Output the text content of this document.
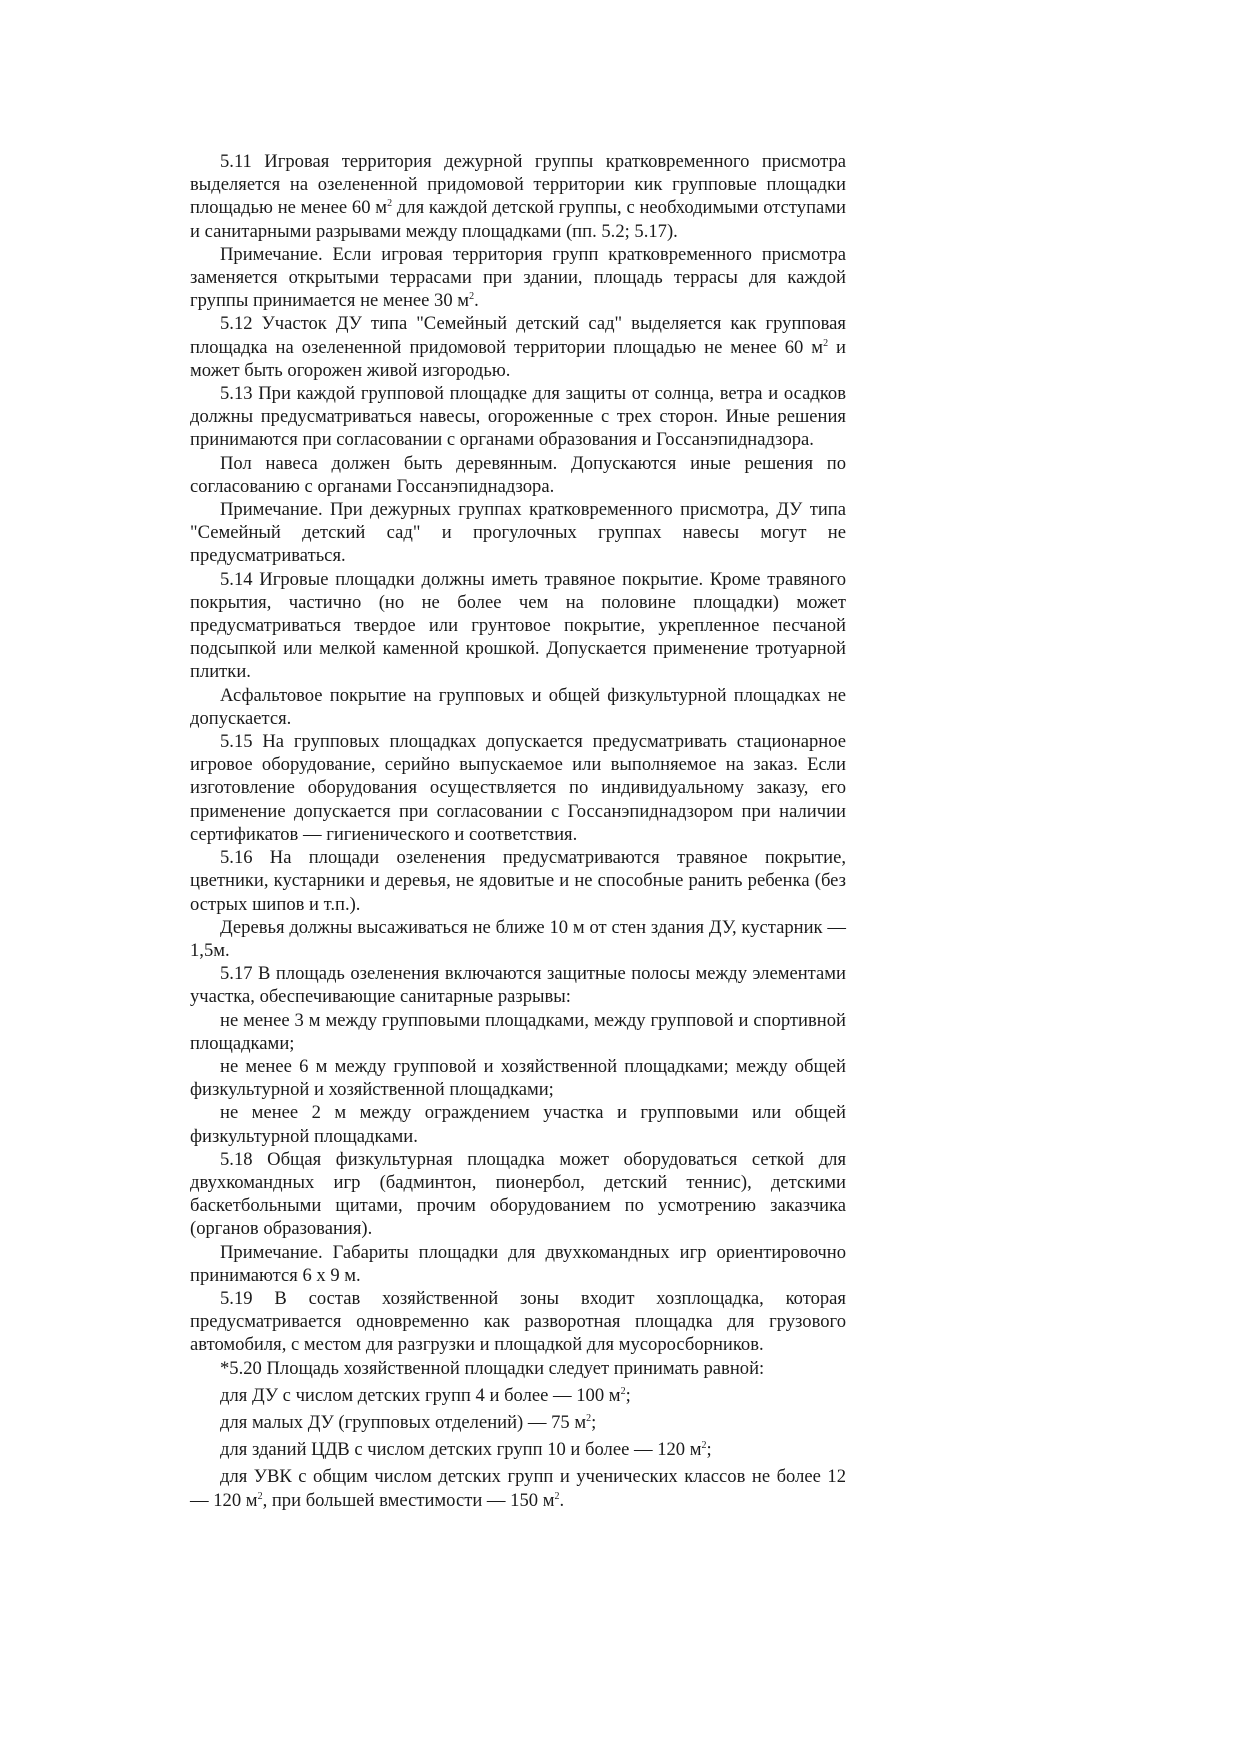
5.11 Игровая территория дежурной группы кратковременного присмотра выделяется на озелененной придомовой территории кик групповые площадки площадью не менее 60 $м^2$ для каждой детской группы, с необходимыми отступами и санитарными разрывами между площадками (пп. 5.2; 5.17).

Примечание. Если игровая территория групп кратковременного присмотра заменяется открытыми террасами при здании, площадь террасы для каждой группы принимается не менее 30 $м^2$.

5.12 Участок ДУ типа "Семейный детский сад" выделяется как групповая площадка на озелененной придомовой территории площадью не менее 60 $м^2$ и может быть огорожен живой изгородью.

5.13 При каждой групповой площадке для защиты от солнца, ветра и осадков должны предусматриваться навесы, огороженные с трех сторон. Иные решения принимаются при согласовании с органами образования и Госсанэпиднадзора.

Пол навеса должен быть деревянным. Допускаются иные решения по согласованию с органами Госсанэпиднадзора.

Примечание. При дежурных группах кратковременного присмотра, ДУ типа "Семейный детский сад" и прогулочных группах навесы могут не предусматриваться.

5.14 Игровые площадки должны иметь травяное покрытие. Кроме травяного покрытия, частично (но не более чем на половине площадки) может предусматриваться твердое или грунтовое покрытие, укрепленное песчаной подсыпкой или мелкой каменной крошкой. Допускается применение тротуарной плитки.

Асфальтовое покрытие на групповых и общей физкультурной площадках не допускается.

5.15 На групповых площадках допускается предусматривать стационарное игровое оборудование, серийно выпускаемое или выполняемое на заказ. Если изготовление оборудования осуществляется по индивидуальному заказу, его применение допускается при согласовании с Госсанэпиднадзором при наличии сертификатов — гигиенического и соответствия.

5.16 На площади озеленения предусматриваются травяное покрытие, цветники, кустарники и деревья, не ядовитые и не способные ранить ребенка (без острых шипов и т.п.).

Деревья должны высаживаться не ближе 10 м от стен здания ДУ, кустарник — 1,5м.

5.17 В площадь озеленения включаются защитные полосы между элементами участка, обеспечивающие санитарные разрывы:

не менее 3 м между групповыми площадками, между групповой и спортивной площадками;

не менее 6 м между групповой и хозяйственной площадками; между общей физкультурной и хозяйственной площадками;

не менее 2 м между ограждением участка и групповыми или общей физкультурной площадками.

5.18 Общая физкультурная площадка может оборудоваться сеткой для двухкомандных игр (бадминтон, пионербол, детский теннис), детскими баскетбольными щитами, прочим оборудованием по усмотрению заказчика (органов образования).

Примечание. Габариты площадки для двухкомандных игр ориентировочно принимаются 6 х 9 м.

5.19 В состав хозяйственной зоны входит хозплощадка, которая предусматривается одновременно как разворотная площадка для грузового автомобиля, с местом для разгрузки и площадкой для мусоросборников.

*5.20 Площадь хозяйственной площадки следует принимать равной:

для ДУ с числом детских групп 4 и более — 100 $м^2$;

для малых ДУ (групповых отделений) — 75 $м^2$;

для зданий ЦДВ с числом детских групп 10 и более — 120 $м^2$;

для УВК с общим числом детских групп и ученических классов не более 12 — 120 $м^2$, при большей вместимости — 150 $м^2$.
